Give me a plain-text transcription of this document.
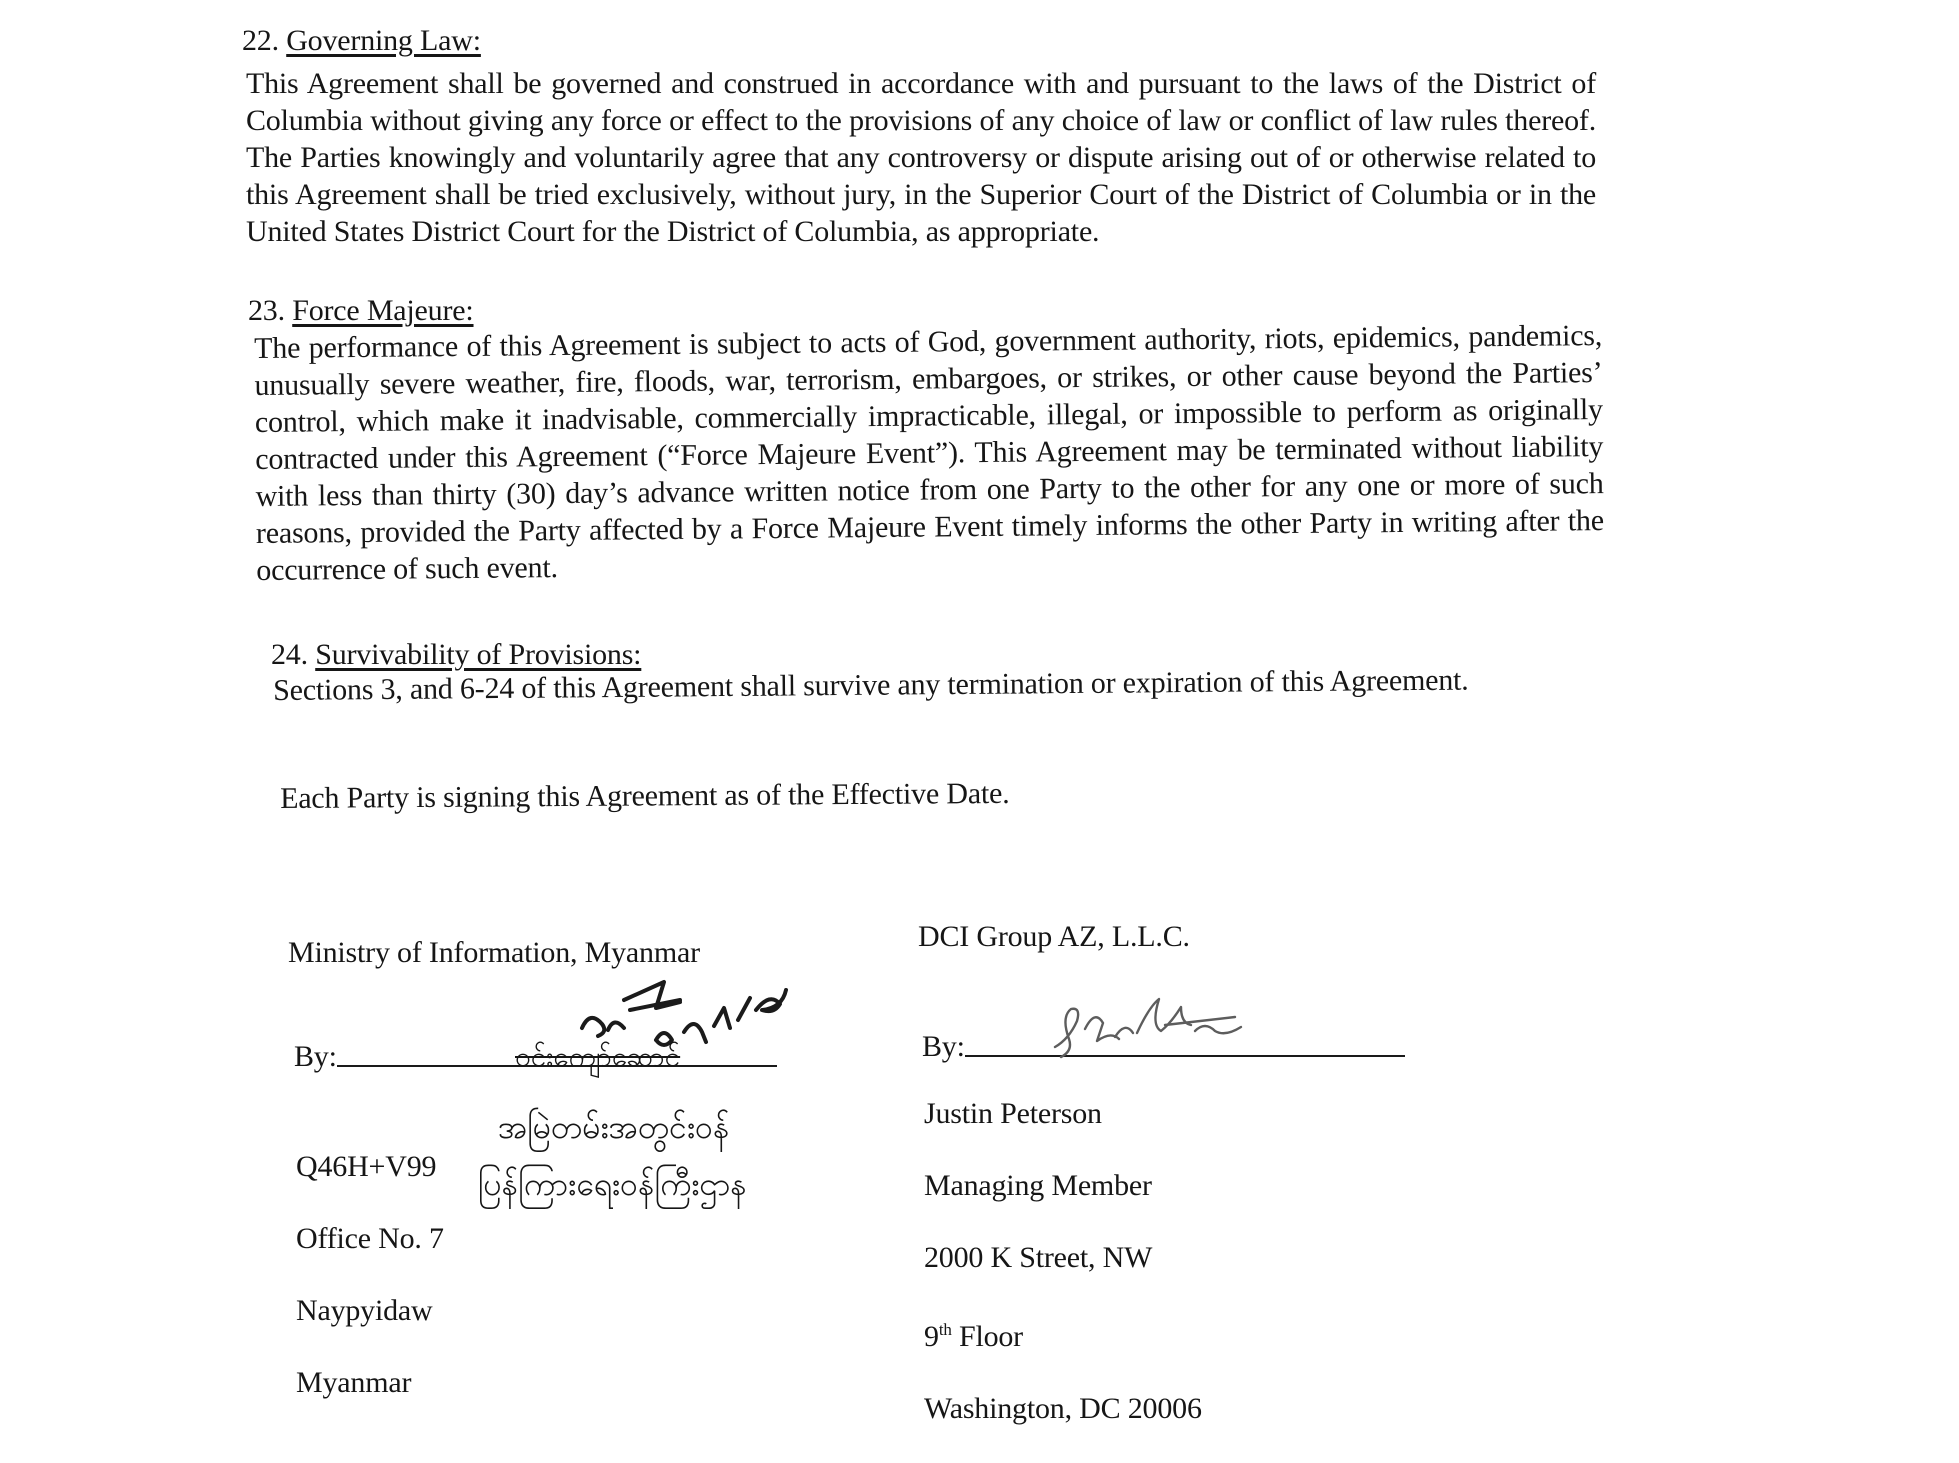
22. Governing Law:
This Agreement shall be governed and construed in accordance with and pursuant to the laws of the District of Columbia without giving any force or effect to the provisions of any choice of law or conflict of law rules thereof. The Parties knowingly and voluntarily agree that any controversy or dispute arising out of or otherwise related to this Agreement shall be tried exclusively, without jury, in the Superior Court of the District of Columbia or in the United States District Court for the District of Columbia, as appropriate.
23. Force Majeure:
The performance of this Agreement is subject to acts of God, government authority, riots, epidemics, pandemics, unusually severe weather, fire, floods, war, terrorism, embargoes, or strikes, or other cause beyond the Parties’ control, which make it inadvisable, commercially impracticable, illegal, or impossible to perform as originally contracted under this Agreement (“Force Majeure Event”). This Agreement may be terminated without liability with less than thirty (30) day’s advance written notice from one Party to the other for any one or more of such reasons, provided the Party affected by a Force Majeure Event timely informs the other Party in writing after the occurrence of such event.
24. Survivability of Provisions:
Sections 3, and 6-24 of this Agreement shall survive any termination or expiration of this Agreement.
Each Party is signing this Agreement as of the Effective Date.
Ministry of Information, Myanmar
By:	ဝင်းကျော်ဆောင်

Q46H+V99

Office No. 7

Naypyidaw

Myanmar

အမြဲတမ်းအတွင်းဝန်
ပြန်ကြားရေးဝန်ကြီးဌာန
DCI Group AZ, L.L.C.
By:

Justin Peterson

Managing Member

2000 K Street, NW

9th Floor

Washington, DC 20006
